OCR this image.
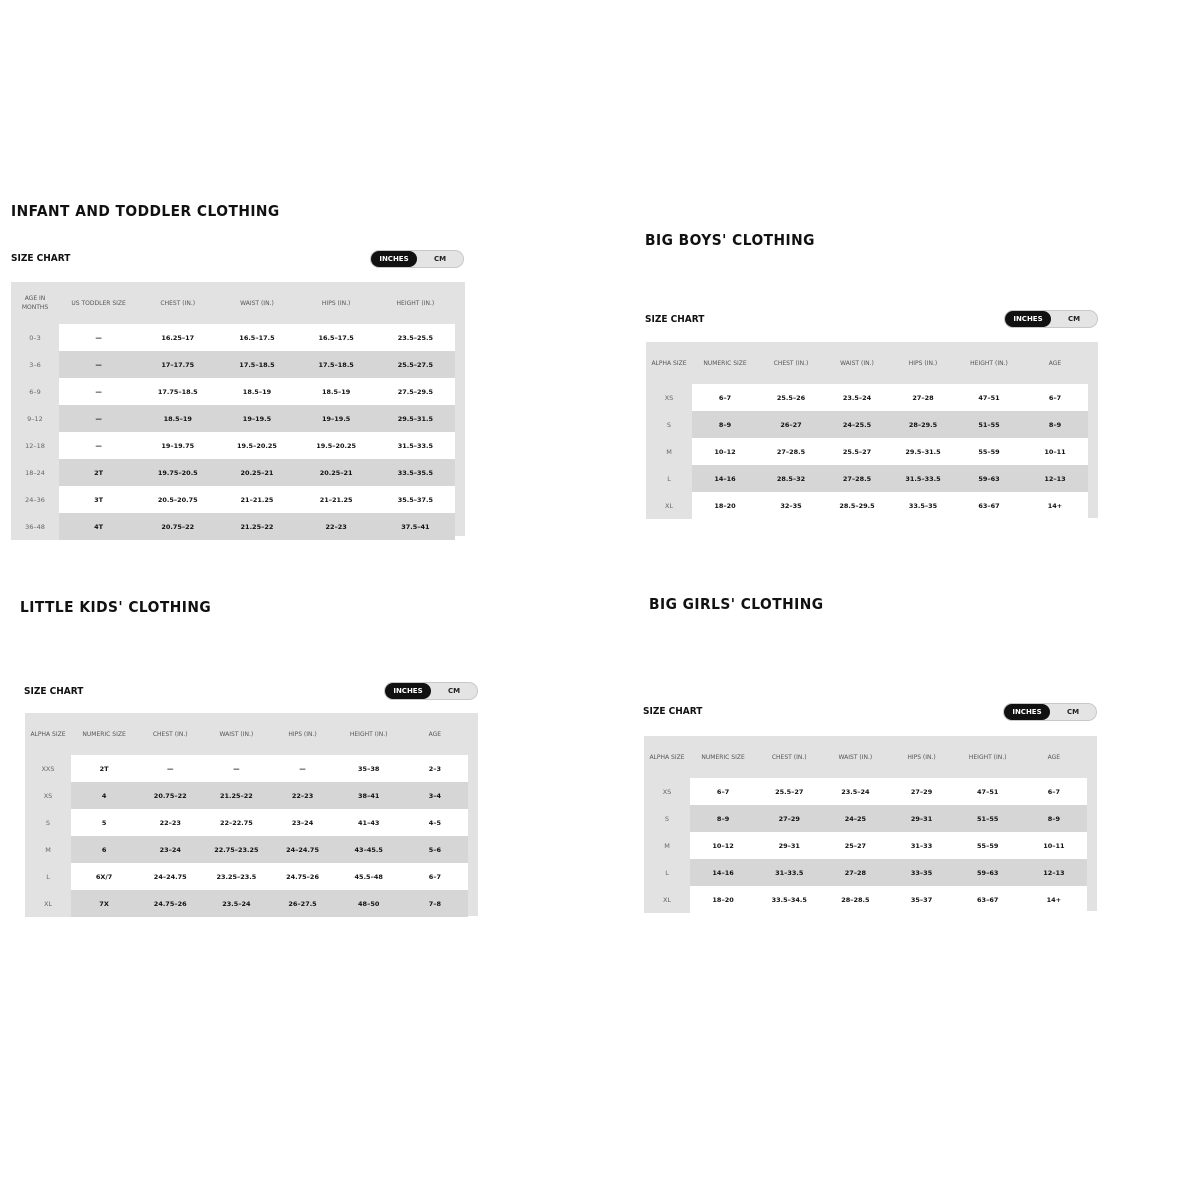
INFANT AND TODDLER CLOTHING
SIZE CHART	INCHES	CM
AGE IN MONTHS	US TODDLER SIZE	CHEST (IN.)	WAIST (IN.)	HIPS (IN.)	HEIGHT (IN.)
0–3	—	16.25–17	16.5–17.5	16.5–17.5	23.5–25.5
3–6	—	17–17.75	17.5–18.5	17.5–18.5	25.5–27.5
6–9	—	17.75–18.5	18.5–19	18.5–19	27.5–29.5
9–12	—	18.5–19	19–19.5	19–19.5	29.5–31.5
12–18	—	19–19.75	19.5–20.25	19.5–20.25	31.5–33.5
18–24	2T	19.75–20.5	20.25–21	20.25–21	33.5–35.5
24–36	3T	20.5–20.75	21–21.25	21–21.25	35.5–37.5
36–48	4T	20.75–22	21.25–22	22–23	37.5–41
BIG BOYS' CLOTHING
SIZE CHART	INCHES	CM
ALPHA SIZE	NUMERIC SIZE	CHEST (IN.)	WAIST (IN.)	HIPS (IN.)	HEIGHT (IN.)	AGE
XS	6–7	25.5–26	23.5–24	27–28	47–51	6–7
S	8–9	26–27	24–25.5	28–29.5	51–55	8–9
M	10–12	27–28.5	25.5–27	29.5–31.5	55–59	10–11
L	14–16	28.5–32	27–28.5	31.5–33.5	59–63	12–13
XL	18–20	32–35	28.5–29.5	33.5–35	63–67	14+
LITTLE KIDS' CLOTHING
SIZE CHART	INCHES	CM
ALPHA SIZE	NUMERIC SIZE	CHEST (IN.)	WAIST (IN.)	HIPS (IN.)	HEIGHT (IN.)	AGE
XXS	2T	—	—	—	35–38	2–3
XS	4	20.75–22	21.25–22	22–23	38–41	3–4
S	5	22–23	22–22.75	23–24	41–43	4–5
M	6	23–24	22.75–23.25	24–24.75	43–45.5	5–6
L	6X/7	24–24.75	23.25–23.5	24.75–26	45.5–48	6–7
XL	7X	24.75–26	23.5–24	26–27.5	48–50	7–8
BIG GIRLS' CLOTHING
SIZE CHART	INCHES	CM
ALPHA SIZE	NUMERIC SIZE	CHEST (IN.)	WAIST (IN.)	HIPS (IN.)	HEIGHT (IN.)	AGE
XS	6–7	25.5–27	23.5–24	27–29	47–51	6–7
S	8–9	27–29	24–25	29–31	51–55	8–9
M	10–12	29–31	25–27	31–33	55–59	10–11
L	14–16	31–33.5	27–28	33–35	59–63	12–13
XL	18–20	33.5–34.5	28–28.5	35–37	63–67	14+
